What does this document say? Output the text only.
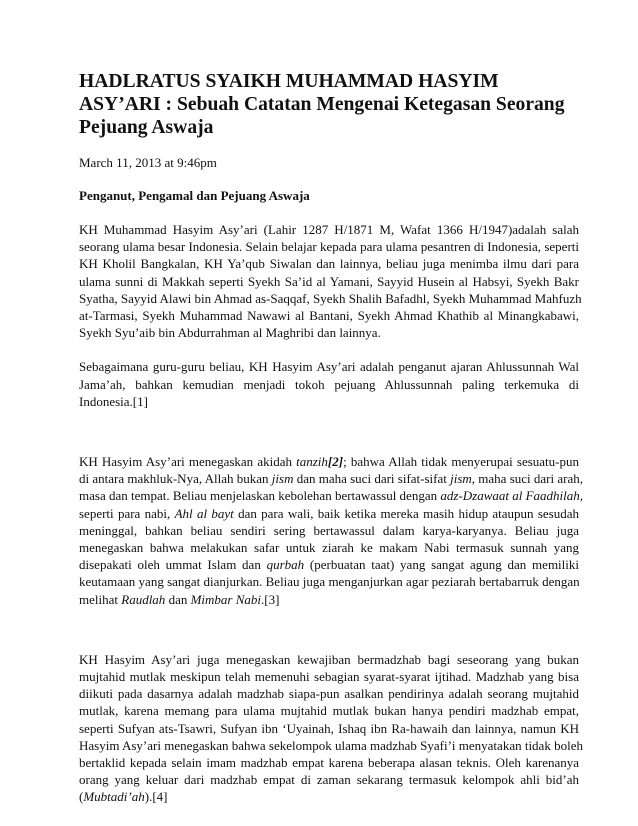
HADLRATUS SYAIKH MUHAMMAD HASYIM
ASY’ARI : Sebuah Catatan Mengenai Ketegasan Seorang
Pejuang Aswaja
March 11, 2013 at 9:46pm
Penganut, Pengamal dan Pejuang Aswaja
KH Muhammad Hasyim Asy’ari (Lahir 1287 H/1871 M, Wafat 1366 H/1947)adalah salah
seorang ulama besar Indonesia. Selain belajar kepada para ulama pesantren di Indonesia, seperti
KH Kholil Bangkalan, KH Ya’qub Siwalan dan lainnya, beliau juga menimba ilmu dari para
ulama sunni di Makkah seperti Syekh Sa’id al Yamani, Sayyid Husein al Habsyi, Syekh Bakr
Syatha, Sayyid Alawi bin Ahmad as-Saqqaf, Syekh Shalih Bafadhl, Syekh Muhammad Mahfuzh
at-Tarmasi, Syekh Muhammad Nawawi al Bantani, Syekh Ahmad Khathib al Minangkabawi,
Syekh Syu’aib bin Abdurrahman al Maghribi dan lainnya.
Sebagaimana guru-guru beliau, KH Hasyim Asy’ari adalah penganut ajaran Ahlussunnah Wal
Jama’ah, bahkan kemudian menjadi tokoh pejuang Ahlussunnah paling terkemuka di
Indonesia.[1]
KH Hasyim Asy’ari menegaskan akidah tanzih[2]; bahwa Allah tidak menyerupai sesuatu-pun
di antara makhluk-Nya, Allah bukan jism dan maha suci dari sifat-sifat jism, maha suci dari arah,
masa dan tempat. Beliau menjelaskan kebolehan bertawassul dengan adz-Dzawaat al Faadhilah,
seperti para nabi, Ahl al bayt dan para wali, baik ketika mereka masih hidup ataupun sesudah
meninggal, bahkan beliau sendiri sering bertawassul dalam karya-karyanya. Beliau juga
menegaskan bahwa melakukan safar untuk ziarah ke makam Nabi termasuk sunnah yang
disepakati oleh ummat Islam dan qurbah (perbuatan taat) yang sangat agung dan memiliki
keutamaan yang sangat dianjurkan. Beliau juga menganjurkan agar peziarah bertabarruk dengan
melihat Raudlah dan Mimbar Nabi.[3]
KH Hasyim Asy’ari juga menegaskan kewajiban bermadzhab bagi seseorang yang bukan
mujtahid mutlak meskipun telah memenuhi sebagian syarat-syarat ijtihad. Madzhab yang bisa
diikuti pada dasarnya adalah madzhab siapa-pun asalkan pendirinya adalah seorang mujtahid
mutlak, karena memang para ulama mujtahid mutlak bukan hanya pendiri madzhab empat,
seperti Sufyan ats-Tsawri, Sufyan ibn ‘Uyainah, Ishaq ibn Ra-hawaih dan lainnya, namun KH
Hasyim Asy’ari menegaskan bahwa sekelompok ulama madzhab Syafi’i menyatakan tidak boleh
bertaklid kepada selain imam madzhab empat karena beberapa alasan teknis. Oleh karenanya
orang yang keluar dari madzhab empat di zaman sekarang termasuk kelompok ahli bid’ah
(Mubtadi’ah).[4]
